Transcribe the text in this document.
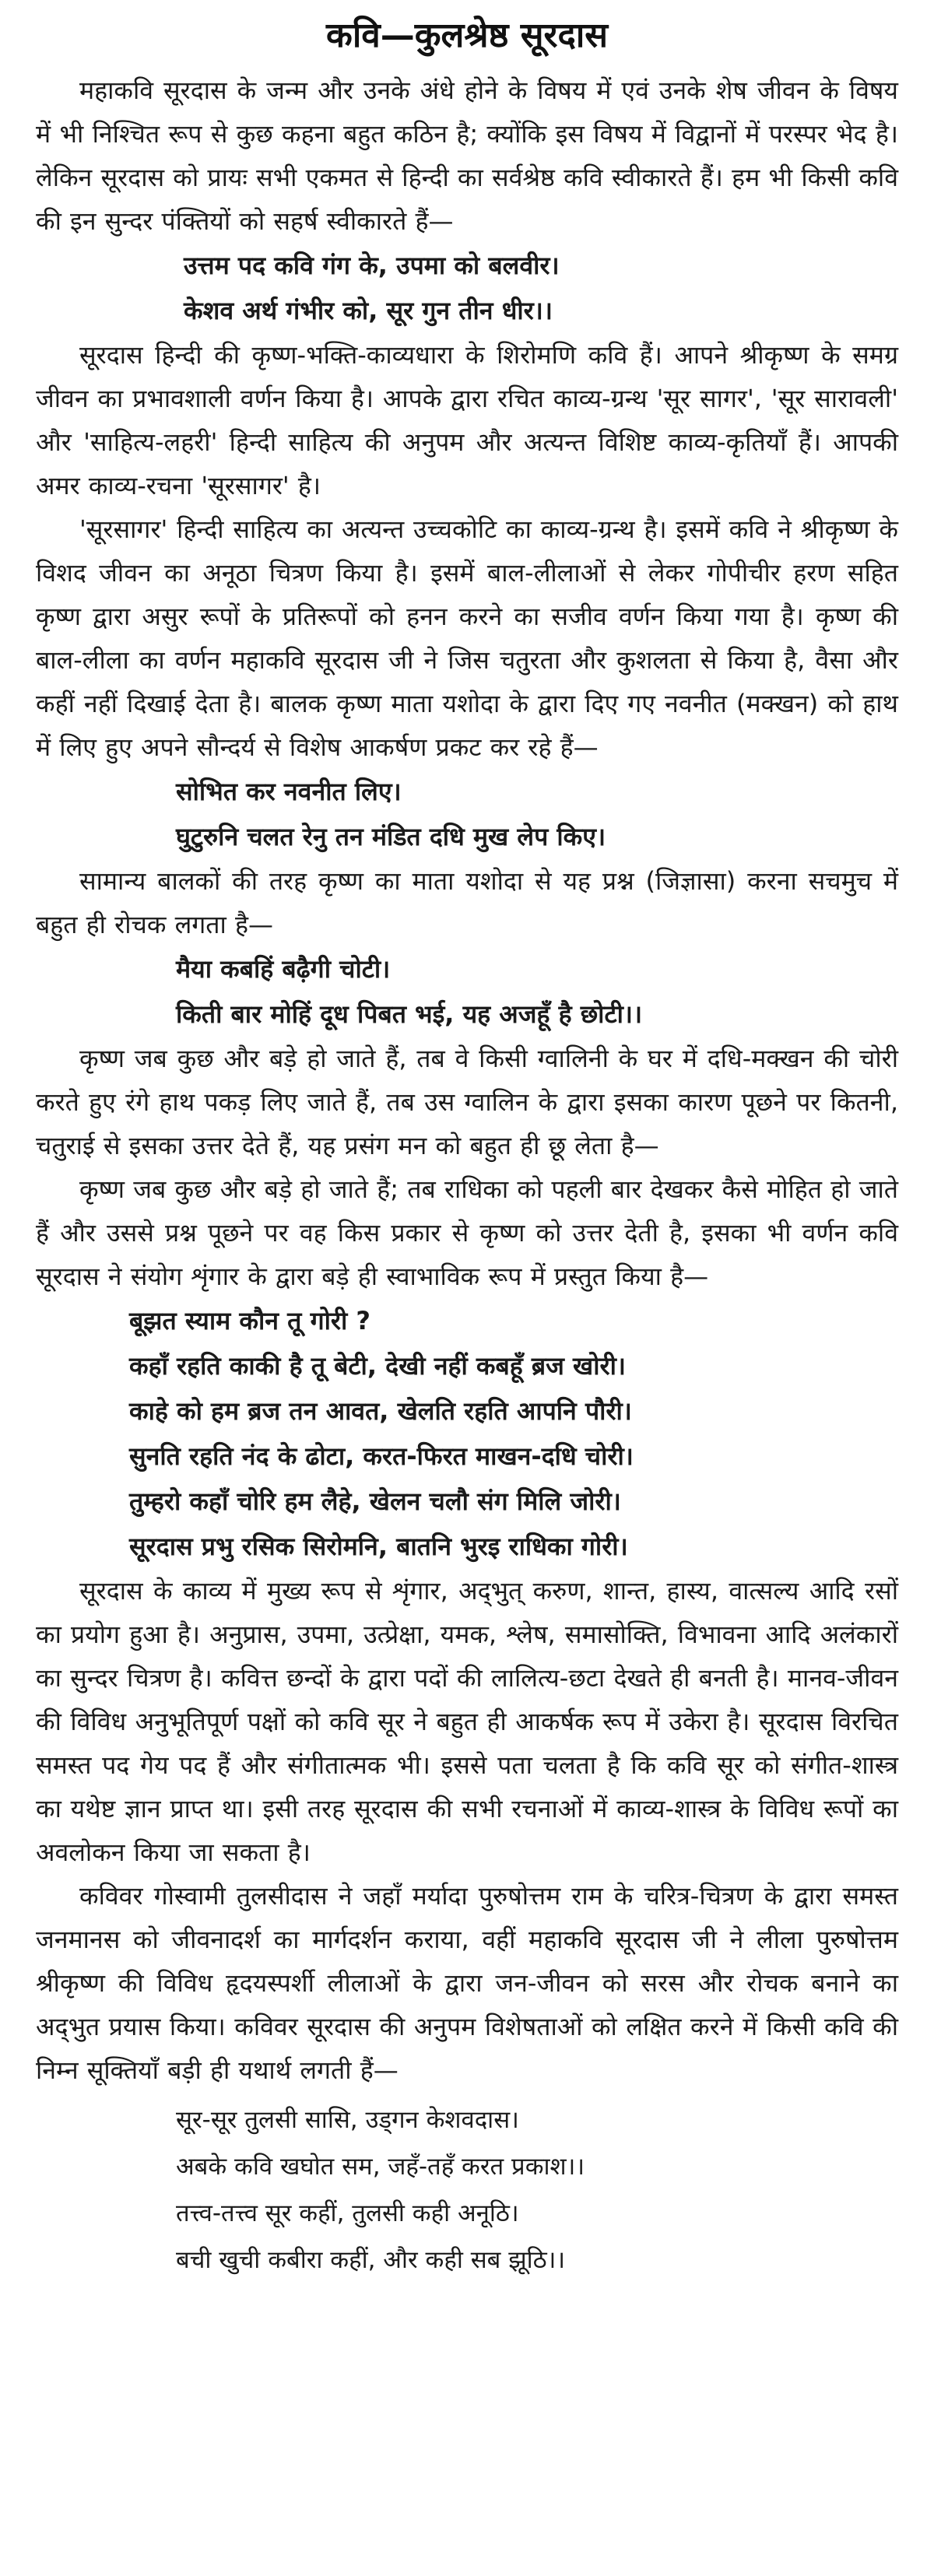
कवि—कुलश्रेष्ठ सूरदास

महाकवि सूरदास के जन्म और उनके अंधे होने के विषय में एवं उनके शेष जीवन के विषय में भी निश्चित रूप से कुछ कहना बहुत कठिन है; क्योंकि इस विषय में विद्वानों में परस्पर भेद है। लेकिन सूरदास को प्रायः सभी एकमत से हिन्दी का सर्वश्रेष्ठ कवि स्वीकारते हैं। हम भी किसी कवि की इन सुन्दर पंक्तियों को सहर्ष स्वीकारते हैं—

उत्तम पद कवि गंग के, उपमा को बलवीर।
केशव अर्थ गंभीर को, सूर गुन तीन धीर।।

सूरदास हिन्दी की कृष्ण-भक्ति-काव्यधारा के शिरोमणि कवि हैं। आपने श्रीकृष्ण के समग्र जीवन का प्रभावशाली वर्णन किया है। आपके द्वारा रचित काव्य-ग्रन्थ 'सूर सागर', 'सूर सारावली' और 'साहित्य-लहरी' हिन्दी साहित्य की अनुपम और अत्यन्त विशिष्ट काव्य-कृतियाँ हैं। आपकी अमर काव्य-रचना 'सूरसागर' है।

'सूरसागर' हिन्दी साहित्य का अत्यन्त उच्चकोटि का काव्य-ग्रन्थ है। इसमें कवि ने श्रीकृष्ण के विशद जीवन का अनूठा चित्रण किया है। इसमें बाल-लीलाओं से लेकर गोपीचीर हरण सहित कृष्ण द्वारा असुर रूपों के प्रतिरूपों को हनन करने का सजीव वर्णन किया गया है। कृष्ण की बाल-लीला का वर्णन महाकवि सूरदास जी ने जिस चतुरता और कुशलता से किया है, वैसा और कहीं नहीं दिखाई देता है। बालक कृष्ण माता यशोदा के द्वारा दिए गए नवनीत (मक्खन) को हाथ में लिए हुए अपने सौन्दर्य से विशेष आकर्षण प्रकट कर रहे हैं—

सोभित कर नवनीत लिए।
घुटुरुनि चलत रेनु तन मंडित दधि मुख लेप किए।

सामान्य बालकों की तरह कृष्ण का माता यशोदा से यह प्रश्न (जिज्ञासा) करना सचमुच में बहुत ही रोचक लगता है—

मैया कबहिं बढ़ैगी चोटी।
किती बार मोहिं दूध पिबत भई, यह अजहूँ है छोटी।।

कृष्ण जब कुछ और बड़े हो जाते हैं, तब वे किसी ग्वालिनी के घर में दधि-मक्खन की चोरी करते हुए रंगे हाथ पकड़ लिए जाते हैं, तब उस ग्वालिन के द्वारा इसका कारण पूछने पर कितनी, चतुराई से इसका उत्तर देते हैं, यह प्रसंग मन को बहुत ही छू लेता है—

कृष्ण जब कुछ और बड़े हो जाते हैं; तब राधिका को पहली बार देखकर कैसे मोहित हो जाते हैं और उससे प्रश्न पूछने पर वह किस प्रकार से कृष्ण को उत्तर देती है, इसका भी वर्णन कवि सूरदास ने संयोग शृंगार के द्वारा बड़े ही स्वाभाविक रूप में प्रस्तुत किया है—

बूझत स्याम कौन तू गोरी ?
कहाँ रहति काकी है तू बेटी, देखी नहीं कबहूँ ब्रज खोरी।
काहे को हम ब्रज तन आवत, खेलति रहति आपनि पौरी।
सुनति रहति नंद के ढोटा, करत-फिरत माखन-दधि चोरी।
तुम्हरो कहाँ चोरि हम लैहे, खेलन चलौ संग मिलि जोरी।
सूरदास प्रभु रसिक सिरोमनि, बातनि भुरइ राधिका गोरी।

सूरदास के काव्य में मुख्य रूप से शृंगार, अद्‌भुत्‌ करुण, शान्त, हास्य, वात्सल्य आदि रसों का प्रयोग हुआ है। अनुप्रास, उपमा, उत्प्रेक्षा, यमक, श्लेष, समासोक्ति, विभावना आदि अलंकारों का सुन्दर चित्रण है। कवित्त छन्दों के द्वारा पदों की लालित्य-छटा देखते ही बनती है। मानव-जीवन की विविध अनुभूतिपूर्ण पक्षों को कवि सूर ने बहुत ही आकर्षक रूप में उकेरा है। सूरदास विरचित समस्त पद गेय पद हैं और संगीतात्मक भी। इससे पता चलता है कि कवि सूर को संगीत-शास्त्र का यथेष्ट ज्ञान प्राप्त था। इसी तरह सूरदास की सभी रचनाओं में काव्य-शास्त्र के विविध रूपों का अवलोकन किया जा सकता है।

कविवर गोस्वामी तुलसीदास ने जहाँ मर्यादा पुरुषोत्तम राम के चरित्र-चित्रण के द्वारा समस्त जनमानस को जीवनादर्श का मार्गदर्शन कराया, वहीं महाकवि सूरदास जी ने लीला पुरुषोत्तम श्रीकृष्ण की विविध हृदयस्पर्शी लीलाओं के द्वारा जन-जीवन को सरस और रोचक बनाने का अद्‌भुत प्रयास किया। कविवर सूरदास की अनुपम विशेषताओं को लक्षित करने में किसी कवि की निम्न सूक्तियाँ बड़ी ही यथार्थ लगती हैं—

सूर-सूर तुलसी सासि, उड्‌गन केशवदास।
अबके कवि खघोत सम, जहँ-तहँ करत प्रकाश।।
तत्त्व-तत्त्व सूर कहीं, तुलसी कही अनूठि।
बची खुची कबीरा कहीं, और कही सब झूठि।।
